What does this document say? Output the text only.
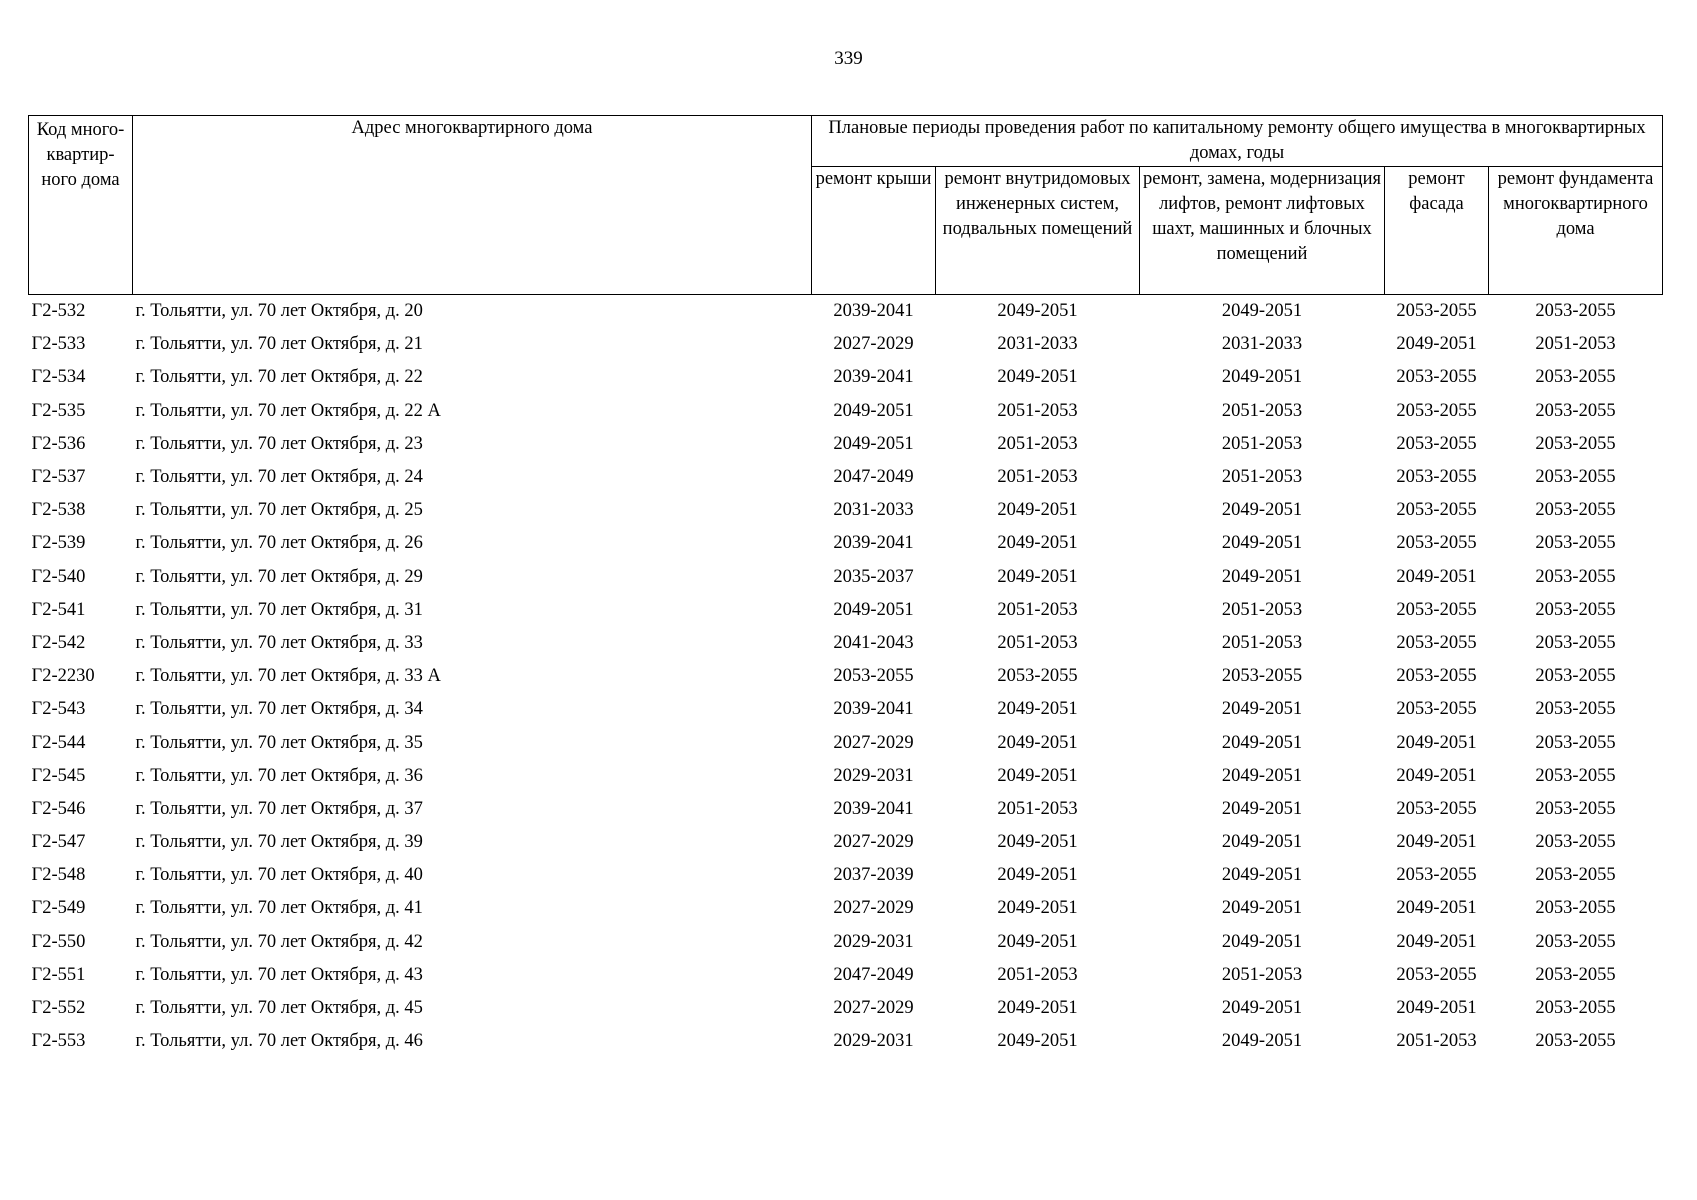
339
Код много-квартир-ного дома	Адрес многоквартирного дома	Плановые периоды проведения работ по капитальному ремонту общего имущества в многоквартирных домах, годы				
		ремонт крыши	ремонт внутридомовых инженерных систем, подвальных помещений	ремонт, замена, модернизация лифтов, ремонт лифтовых шахт, машинных и блочных помещений	ремонт фасада	ремонт фундамента многоквартирного дома
Г2-532	г. Тольятти, ул. 70 лет Октября, д. 20	2039-2041	2049-2051	2049-2051	2053-2055	2053-2055
Г2-533	г. Тольятти, ул. 70 лет Октября, д. 21	2027-2029	2031-2033	2031-2033	2049-2051	2051-2053
Г2-534	г. Тольятти, ул. 70 лет Октября, д. 22	2039-2041	2049-2051	2049-2051	2053-2055	2053-2055
Г2-535	г. Тольятти, ул. 70 лет Октября, д. 22 А	2049-2051	2051-2053	2051-2053	2053-2055	2053-2055
Г2-536	г. Тольятти, ул. 70 лет Октября, д. 23	2049-2051	2051-2053	2051-2053	2053-2055	2053-2055
Г2-537	г. Тольятти, ул. 70 лет Октября, д. 24	2047-2049	2051-2053	2051-2053	2053-2055	2053-2055
Г2-538	г. Тольятти, ул. 70 лет Октября, д. 25	2031-2033	2049-2051	2049-2051	2053-2055	2053-2055
Г2-539	г. Тольятти, ул. 70 лет Октября, д. 26	2039-2041	2049-2051	2049-2051	2053-2055	2053-2055
Г2-540	г. Тольятти, ул. 70 лет Октября, д. 29	2035-2037	2049-2051	2049-2051	2049-2051	2053-2055
Г2-541	г. Тольятти, ул. 70 лет Октября, д. 31	2049-2051	2051-2053	2051-2053	2053-2055	2053-2055
Г2-542	г. Тольятти, ул. 70 лет Октября, д. 33	2041-2043	2051-2053	2051-2053	2053-2055	2053-2055
Г2-2230	г. Тольятти, ул. 70 лет Октября, д. 33 А	2053-2055	2053-2055	2053-2055	2053-2055	2053-2055
Г2-543	г. Тольятти, ул. 70 лет Октября, д. 34	2039-2041	2049-2051	2049-2051	2053-2055	2053-2055
Г2-544	г. Тольятти, ул. 70 лет Октября, д. 35	2027-2029	2049-2051	2049-2051	2049-2051	2053-2055
Г2-545	г. Тольятти, ул. 70 лет Октября, д. 36	2029-2031	2049-2051	2049-2051	2049-2051	2053-2055
Г2-546	г. Тольятти, ул. 70 лет Октября, д. 37	2039-2041	2051-2053	2049-2051	2053-2055	2053-2055
Г2-547	г. Тольятти, ул. 70 лет Октября, д. 39	2027-2029	2049-2051	2049-2051	2049-2051	2053-2055
Г2-548	г. Тольятти, ул. 70 лет Октября, д. 40	2037-2039	2049-2051	2049-2051	2053-2055	2053-2055
Г2-549	г. Тольятти, ул. 70 лет Октября, д. 41	2027-2029	2049-2051	2049-2051	2049-2051	2053-2055
Г2-550	г. Тольятти, ул. 70 лет Октября, д. 42	2029-2031	2049-2051	2049-2051	2049-2051	2053-2055
Г2-551	г. Тольятти, ул. 70 лет Октября, д. 43	2047-2049	2051-2053	2051-2053	2053-2055	2053-2055
Г2-552	г. Тольятти, ул. 70 лет Октября, д. 45	2027-2029	2049-2051	2049-2051	2049-2051	2053-2055
Г2-553	г. Тольятти, ул. 70 лет Октября, д. 46	2029-2031	2049-2051	2049-2051	2051-2053	2053-2055
